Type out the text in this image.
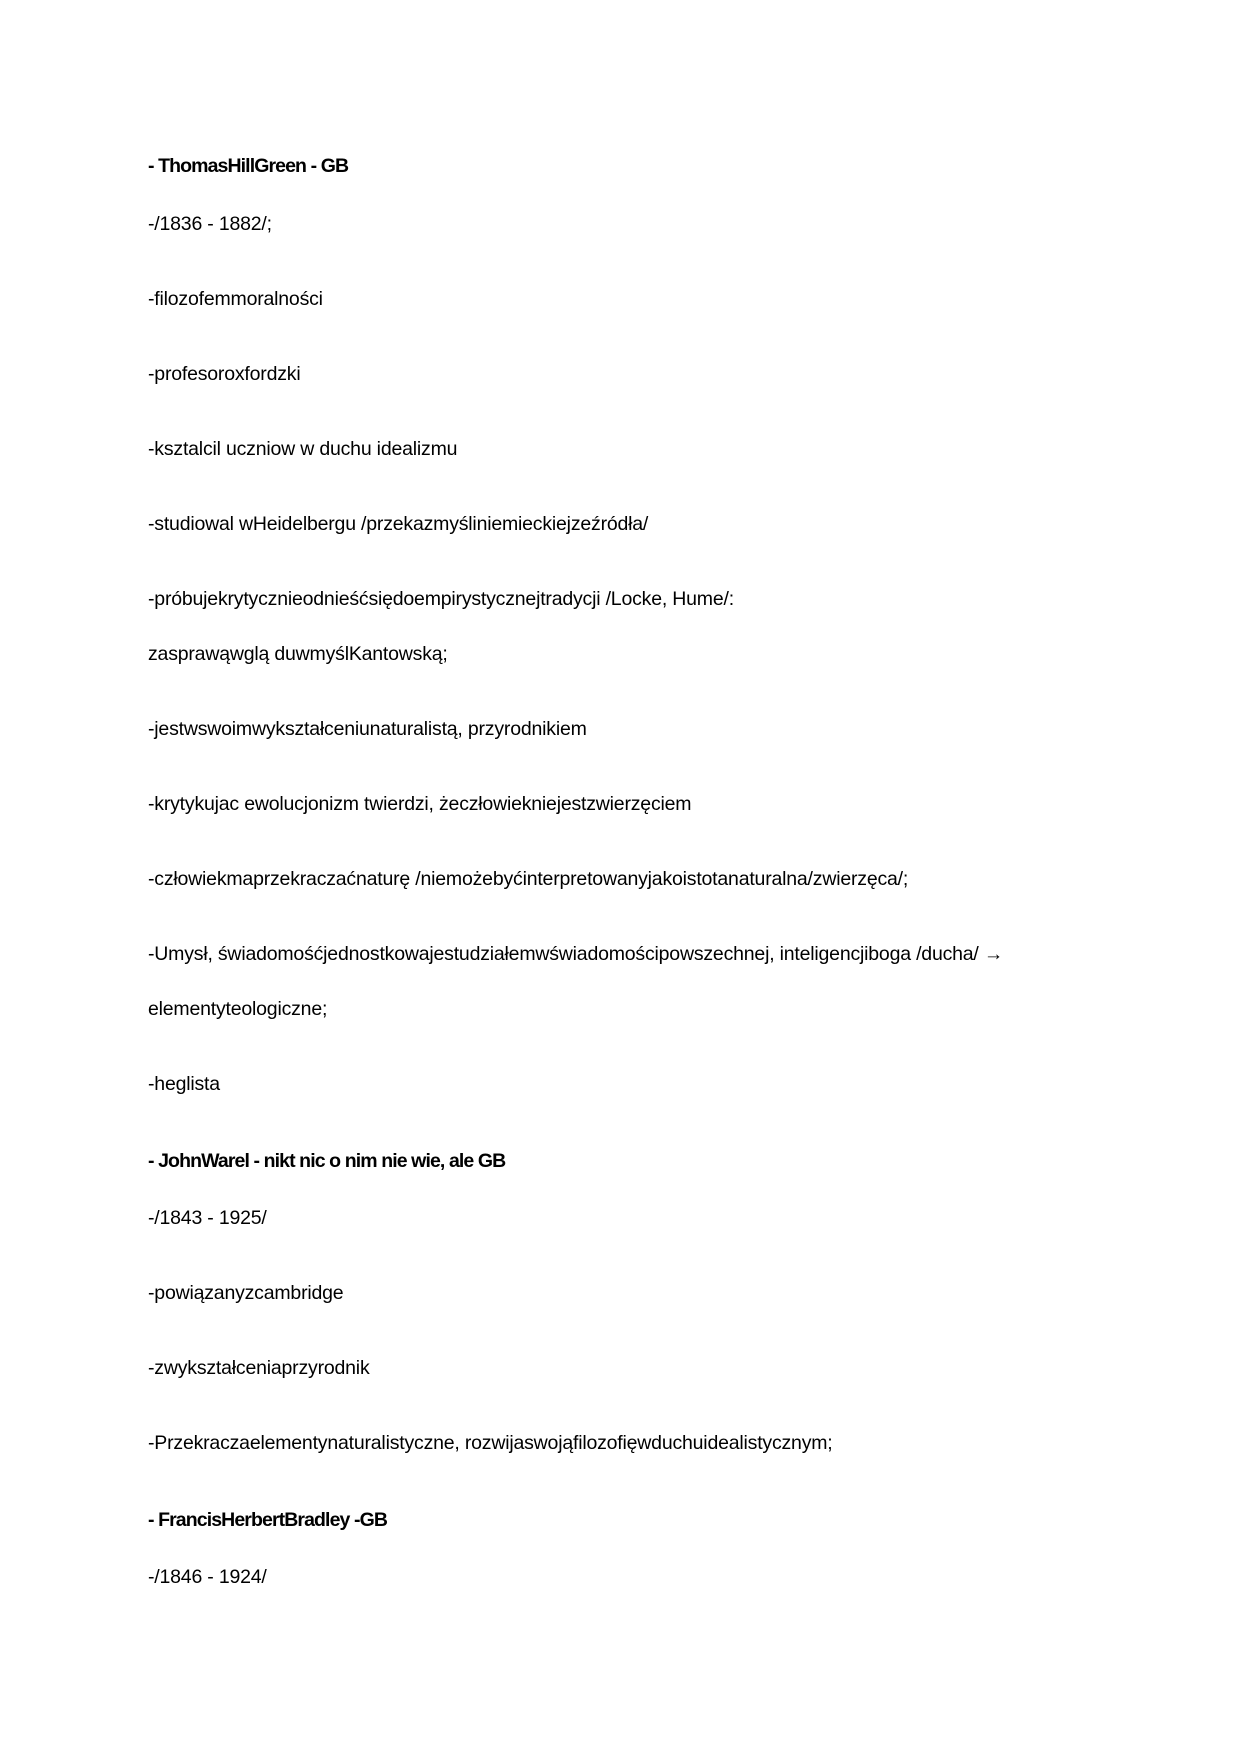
- ThomasHillGreen - GB
-/1836 - 1882/;
-filozofemmoralności
-profesoroxfordzki
-ksztalcil uczniow w duchu idealizmu
-studiowal wHeidelbergu /przekazmyśliniemieckiejzeźródła/
-próbujekrytycznieodnieśćsiędoempirystycznejtradycji /Locke, Hume/:
zasprawąwglą duwmyślKantowską;
-jestwswoimwykształceniunaturalistą, przyrodnikiem
-krytykujac ewolucjonizm twierdzi, żeczłowiekniejestzwierzęciem
-człowiekmaprzekraczaćnaturę /niemożebyćinterpretowanyjakoistotanaturalna/zwierzęca/;
-Umysł, świadomośćjednostkowajestudziałemwświadomościpowszechnej, inteligencjiboga /ducha/ →
elementyteologiczne;
-heglista
- JohnWarel - nikt nic o nim nie wie, ale GB
-/1843 - 1925/
-powiązanyzcambridge
-zwykształceniaprzyrodnik
-Przekraczaelementynaturalistyczne, rozwijaswojąfilozofięwduchuidealistycznym;
- FrancisHerbertBradley -GB
-/1846 - 1924/
